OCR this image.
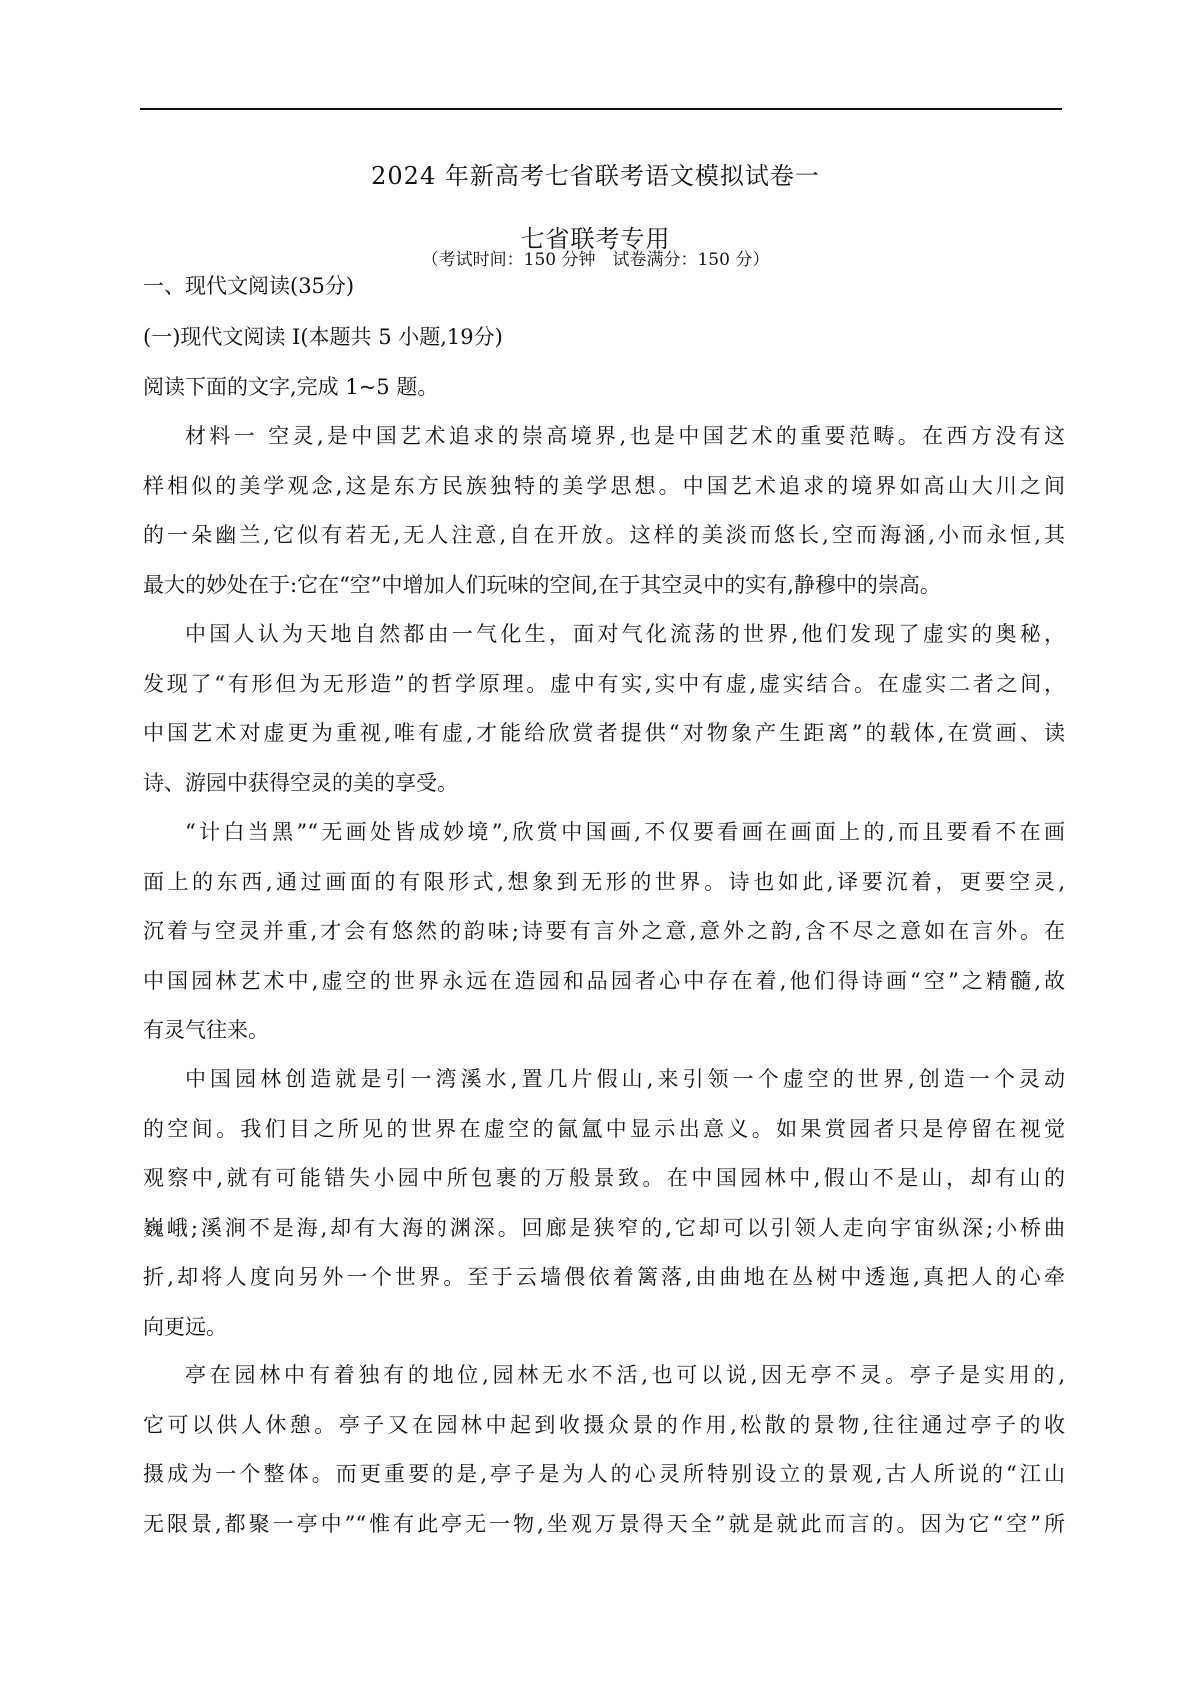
2024 年新高考七省联考语文模拟试卷一
七省联考专用
（考试时间：150 分钟　试卷满分：150 分）
一、现代文阅读(35分)
(一)现代文阅读 I(本题共 5 小题,19分)
阅读下面的文字,完成 1~5 题。
材料一 空灵,是中国艺术追求的崇高境界,也是中国艺术的重要范畴。在西方没有这
样相似的美学观念,这是东方民族独特的美学思想。中国艺术追求的境界如高山大川之间
的一朵幽兰,它似有若无,无人注意,自在开放。这样的美淡而悠长,空而海涵,小而永恒,其
最大的妙处在于:它在“空”中增加人们玩味的空间,在于其空灵中的实有,静穆中的崇高。
中国人认为天地自然都由一气化生，面对气化流荡的世界,他们发现了虚实的奥秘，
发现了“有形但为无形造”的哲学原理。虚中有实,实中有虚,虚实结合。在虚实二者之间，
中国艺术对虚更为重视,唯有虚,才能给欣赏者提供“对物象产生距离”的载体,在赏画、读
诗、游园中获得空灵的美的享受。
“计白当黑”“无画处皆成妙境”,欣赏中国画,不仅要看画在画面上的,而且要看不在画
面上的东西,通过画面的有限形式,想象到无形的世界。诗也如此,译要沉着，更要空灵,
沉着与空灵并重,才会有悠然的韵味;诗要有言外之意,意外之韵,含不尽之意如在言外。在
中国园林艺术中,虚空的世界永远在造园和品园者心中存在着,他们得诗画“空”之精髓,故
有灵气往来。
中国园林创造就是引一湾溪水,置几片假山,来引领一个虚空的世界,创造一个灵动
的空间。我们目之所见的世界在虚空的氤氲中显示出意义。如果赏园者只是停留在视觉
观察中,就有可能错失小园中所包裹的万般景致。在中国园林中,假山不是山，却有山的
巍峨;溪涧不是海,却有大海的渊深。回廊是狭窄的,它却可以引领人走向宇宙纵深;小桥曲
折,却将人度向另外一个世界。至于云墙偎依着篱落,由曲地在丛树中透迤,真把人的心牵
向更远。
亭在园林中有着独有的地位,园林无水不活,也可以说,因无亭不灵。亭子是实用的,
它可以供人休憩。亭子又在园林中起到收摄众景的作用,松散的景物,往往通过亭子的收
摄成为一个整体。而更重要的是,亭子是为人的心灵所特别设立的景观,古人所说的“江山
无限景,都聚一亭中”“惟有此亭无一物,坐观万景得天全”就是就此而言的。因为它“空”所
